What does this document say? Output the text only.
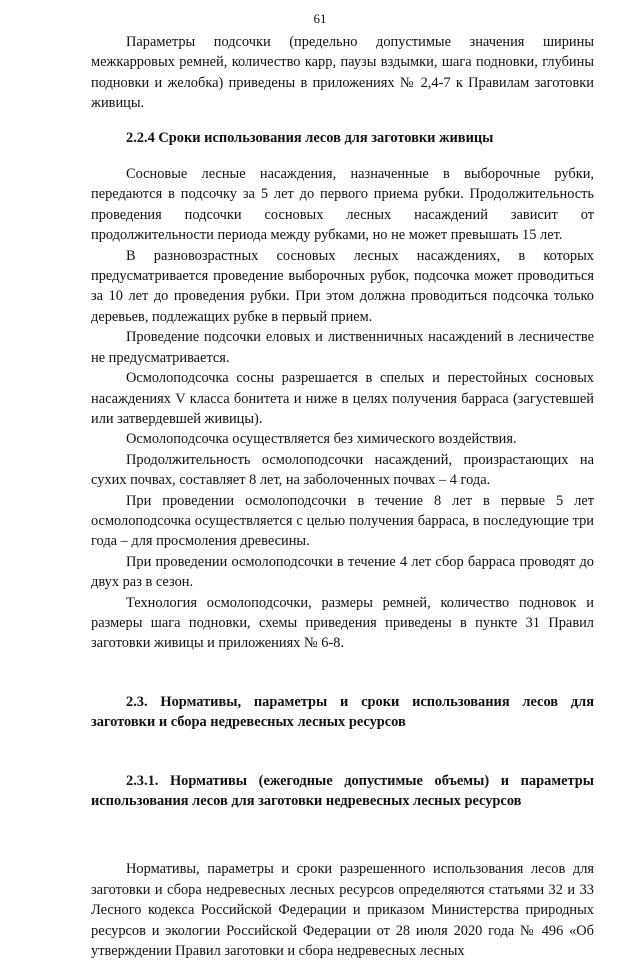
61

Параметры подсочки (предельно допустимые значения ширины межкарровых ремней, количество карр, паузы вздымки, шага подновки, глубины подновки и желобка) приведены в приложениях № 2,4-7 к Правилам заготовки живицы.

2.2.4 Сроки использования лесов для заготовки живицы

Сосновые лесные насаждения, назначенные в выборочные рубки, передаются в подсочку за 5 лет до первого приема рубки. Продолжительность проведения подсочки сосновых лесных насаждений зависит от продолжительности периода между рубками, но не может превышать 15 лет.

В разновозрастных сосновых лесных насаждениях, в которых предусматривается проведение выборочных рубок, подсочка может проводиться за 10 лет до проведения рубки. При этом должна проводиться подсочка только деревьев, подлежащих рубке в первый прием.

Проведение подсочки еловых и лиственничных насаждений в лесничестве не предусматривается.

Осмолоподсочка сосны разрешается в спелых и перестойных сосновых насаждениях V класса бонитета и ниже в целях получения барраса (загустевшей или затвердевшей живицы).

Осмолоподсочка осуществляется без химического воздействия.

Продолжительность осмолоподсочки насаждений, произрастающих на сухих почвах, составляет 8 лет, на заболоченных почвах – 4 года.

При проведении осмолоподсочки в течение 8 лет в первые 5 лет осмолоподсочка осуществляется с целью получения барраса, в последующие три года – для просмоления древесины.

При проведении осмолоподсочки в течение 4 лет сбор барраса проводят до двух раз в сезон.

Технология осмолоподсочки, размеры ремней, количество подновок и размеры шага подновки, схемы приведения приведены в пункте 31 Правил заготовки живицы и приложениях № 6-8.

2.3. Нормативы, параметры и сроки использования лесов для заготовки и сбора недревесных лесных ресурсов
2.3.1. Нормативы (ежегодные допустимые объемы) и параметры использования лесов для заготовки недревесных лесных ресурсов

Нормативы, параметры и сроки разрешенного использования лесов для заготовки и сбора недревесных лесных ресурсов определяются статьями 32 и 33 Лесного кодекса Российской Федерации и приказом Министерства природных ресурсов и экологии Российской Федерации от 28 июля 2020 года № 496 «Об утверждении Правил заготовки и сбора недревесных лесных
